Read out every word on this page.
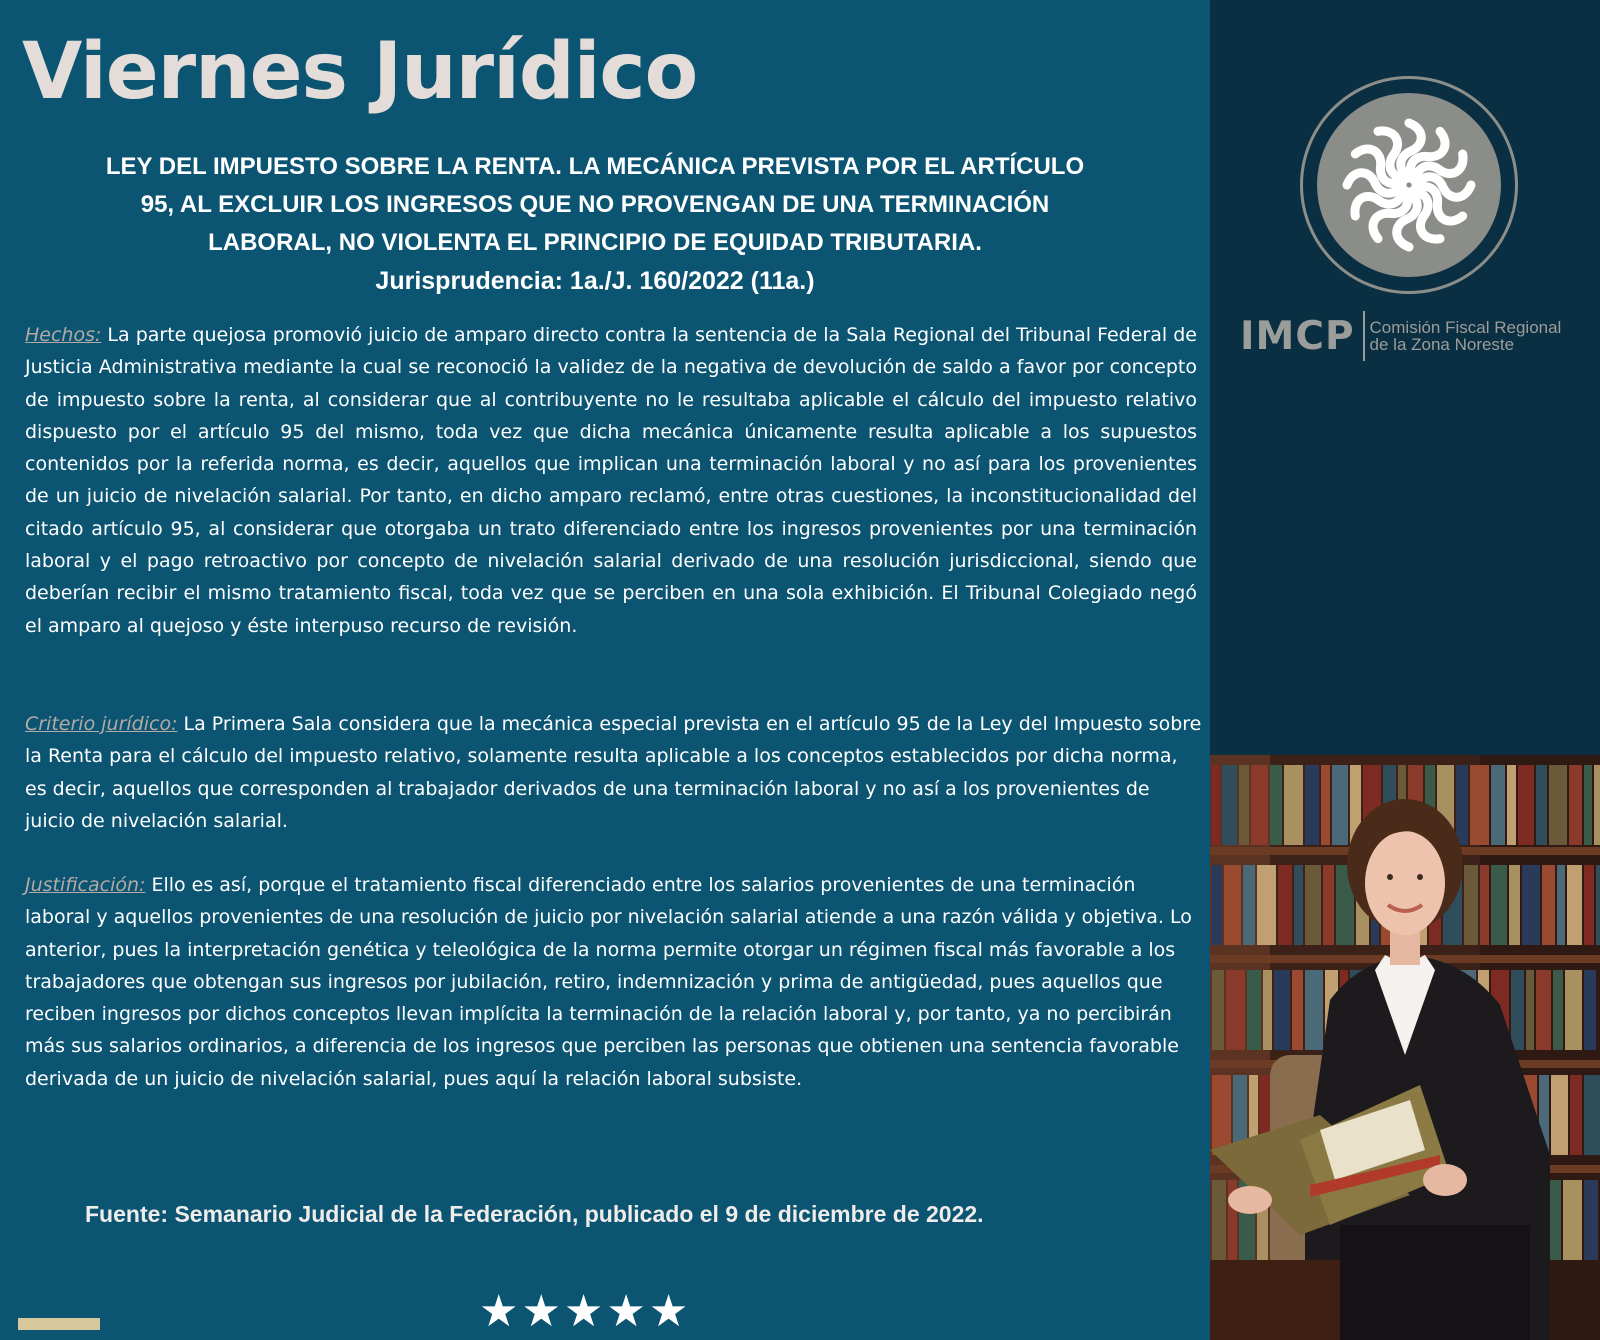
Viernes Jurídico
LEY DEL IMPUESTO SOBRE LA RENTA. LA MECÁNICA PREVISTA POR EL ARTÍCULO
95, AL EXCLUIR LOS INGRESOS QUE NO PROVENGAN DE UNA TERMINACIÓN
LABORAL, NO VIOLENTA EL PRINCIPIO DE EQUIDAD TRIBUTARIA.
Jurisprudencia: 1a./J. 160/2022 (11a.)

Hechos: La parte quejosa promovió juicio de amparo directo contra la sentencia de la Sala Regional del Tribunal Federal de Justicia Administrativa mediante la cual se reconoció la validez de la negativa de devolución de saldo a favor por concepto de impuesto sobre la renta, al considerar que al contribuyente no le resultaba aplicable el cálculo del impuesto relativo dispuesto por el artículo 95 del mismo, toda vez que dicha mecánica únicamente resulta aplicable a los supuestos contenidos por la referida norma, es decir, aquellos que implican una terminación laboral y no así para los provenientes de un juicio de nivelación salarial. Por tanto, en dicho amparo reclamó, entre otras cuestiones, la inconstitucionalidad del citado artículo 95, al considerar que otorgaba un trato diferenciado entre los ingresos provenientes por una terminación laboral y el pago retroactivo por concepto de nivelación salarial derivado de una resolución jurisdiccional, siendo que deberían recibir el mismo tratamiento fiscal, toda vez que se perciben en una sola exhibición. El Tribunal Colegiado negó el amparo al quejoso y éste interpuso recurso de revisión.

Criterio jurídico: La Primera Sala considera que la mecánica especial prevista en el artículo 95 de la Ley del Impuesto sobre la Renta para el cálculo del impuesto relativo, solamente resulta aplicable a los conceptos establecidos por dicha norma, es decir, aquellos que corresponden al trabajador derivados de una terminación laboral y no así a los provenientes de juicio de nivelación salarial.

Justificación: Ello es así, porque el tratamiento fiscal diferenciado entre los salarios provenientes de una terminación laboral y aquellos provenientes de una resolución de juicio por nivelación salarial atiende a una razón válida y objetiva. Lo anterior, pues la interpretación genética y teleológica de la norma permite otorgar un régimen fiscal más favorable a los trabajadores que obtengan sus ingresos por jubilación, retiro, indemnización y prima de antigüedad, pues aquellos que reciben ingresos por dichos conceptos llevan implícita la terminación de la relación laboral y, por tanto, ya no percibirán más sus salarios ordinarios, a diferencia de los ingresos que perciben las personas que obtienen una sentencia favorable derivada de un juicio de nivelación salarial, pues aquí la relación laboral subsiste.

Fuente: Semanario Judicial de la Federación, publicado el 9 de diciembre de 2022.
★ ★ ★ ★ ★
IMCP Comisión Fiscal Regional
de la Zona Noreste
